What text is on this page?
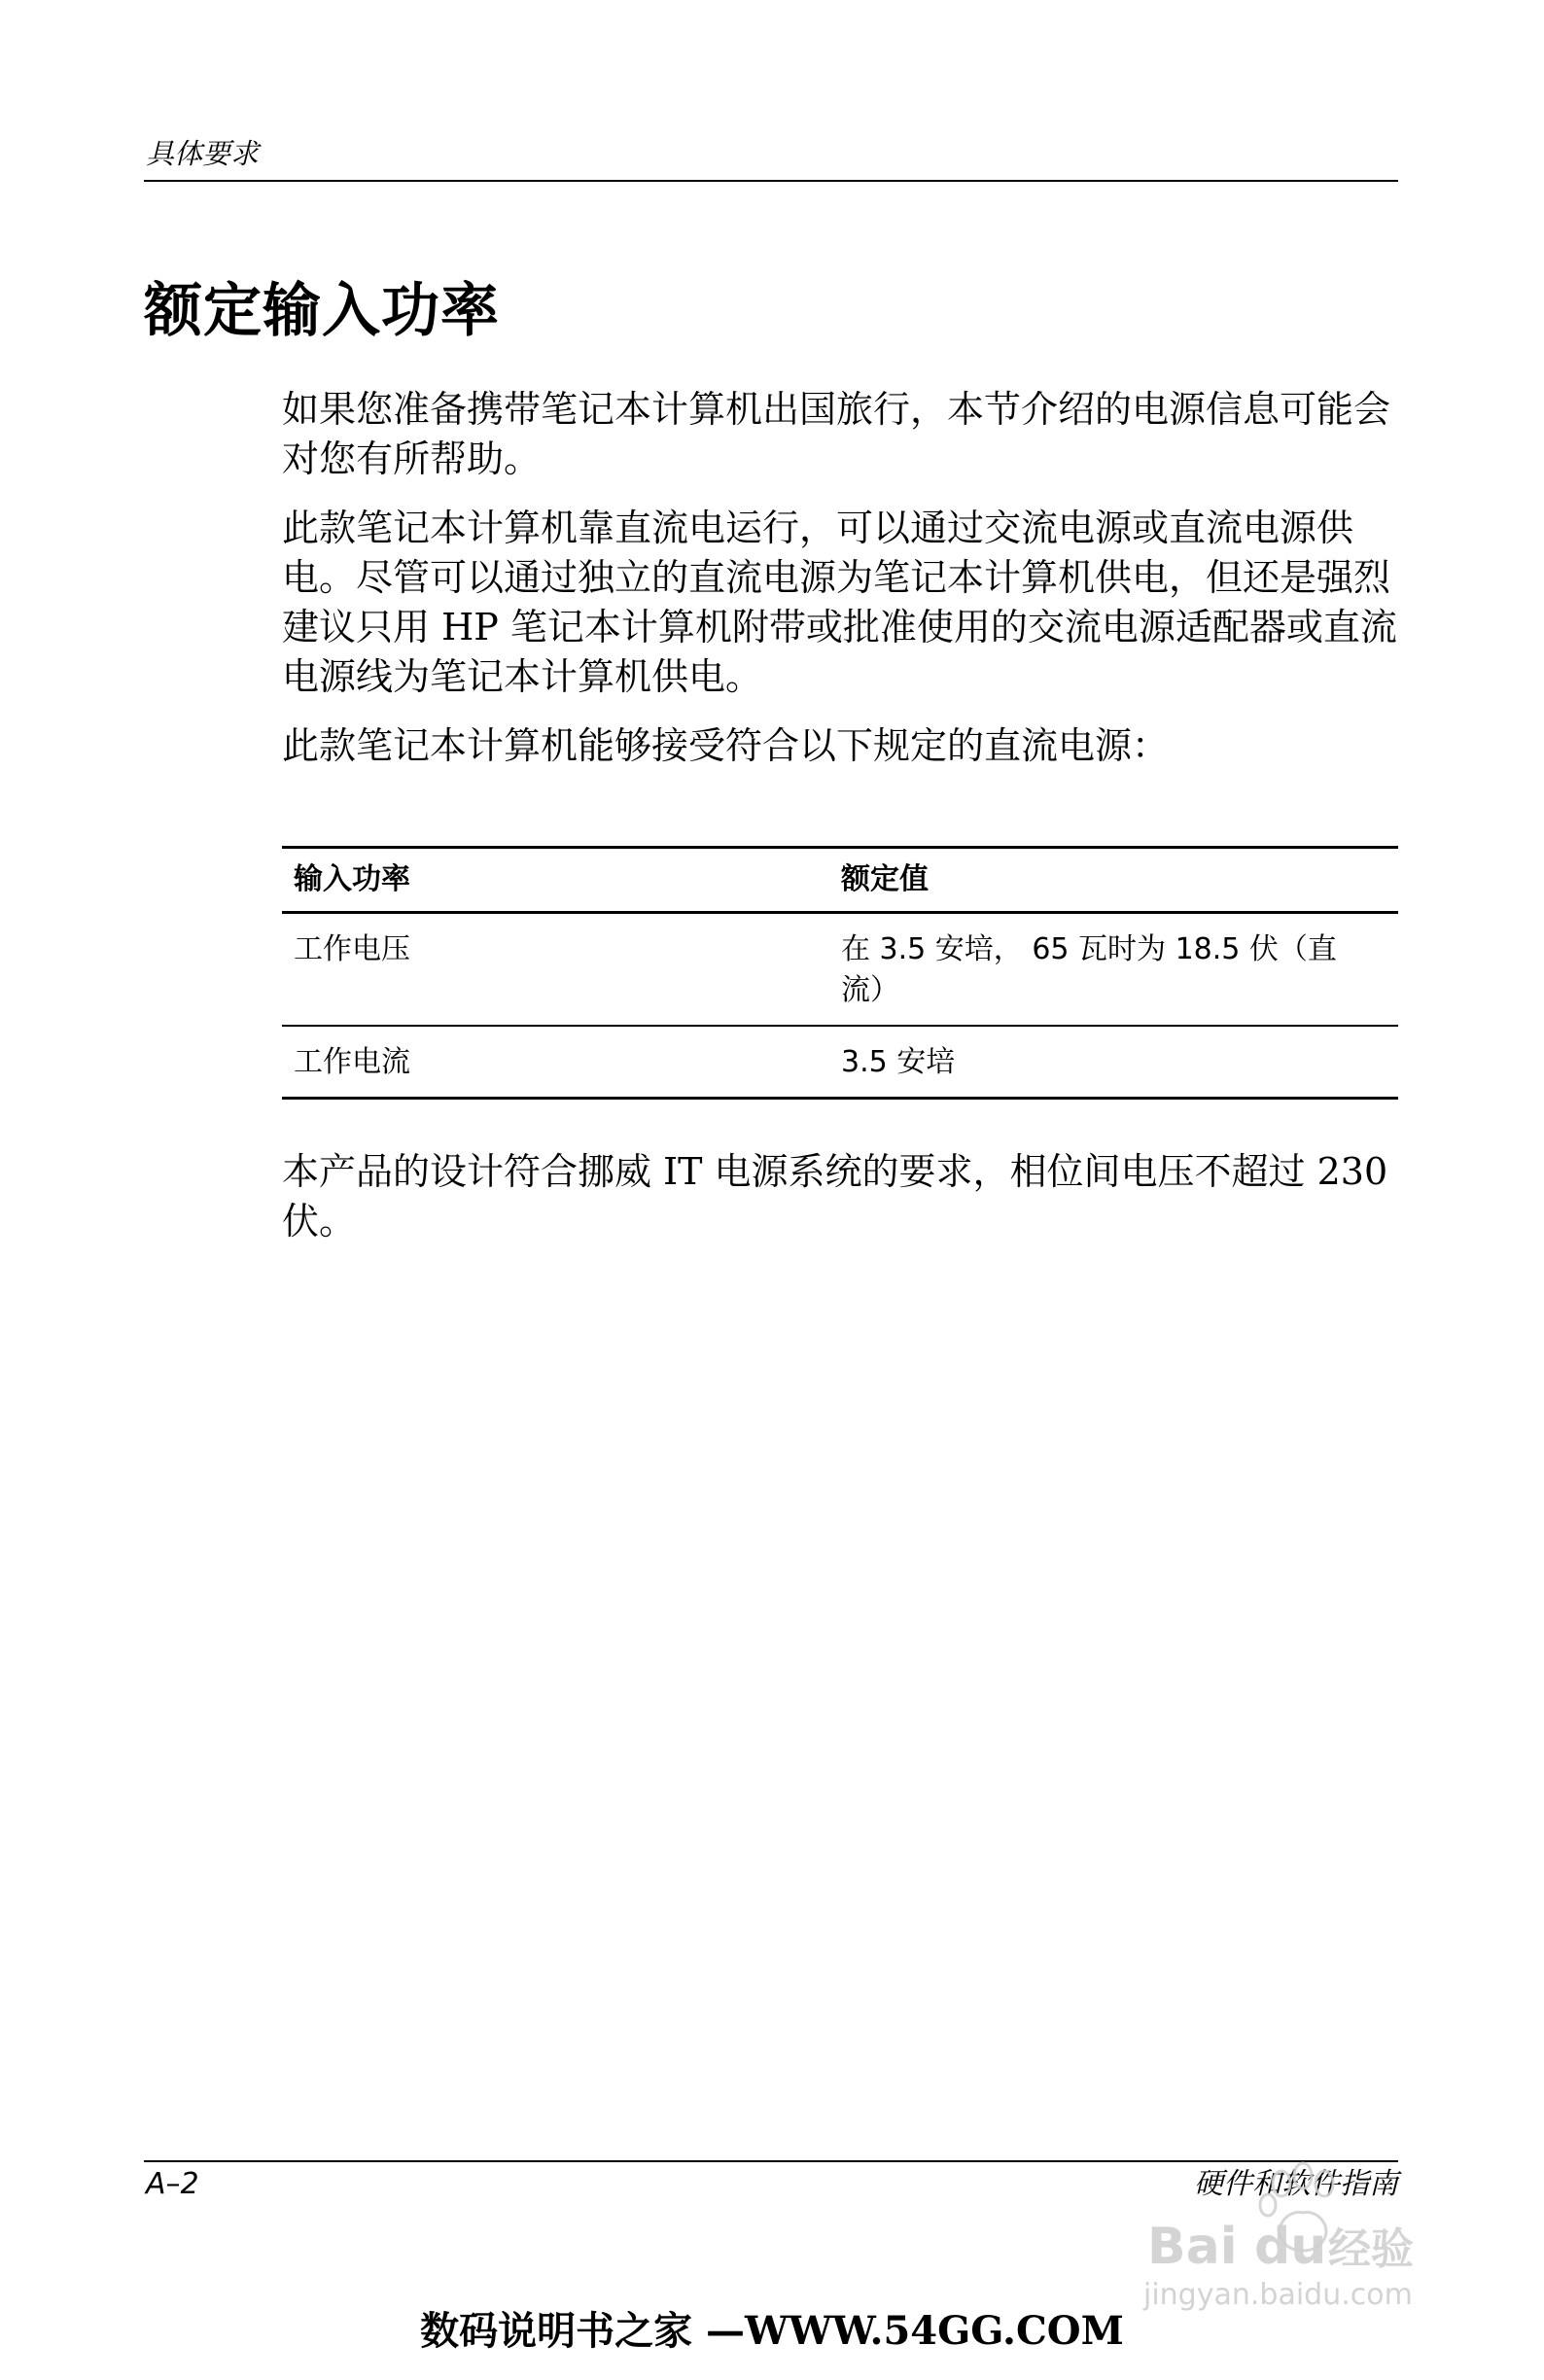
具体要求
额定输入功率

如果您准备携带笔记本计算机出国旅行，本节介绍的电源信息可能会对您有所帮助。

此款笔记本计算机靠直流电运行，可以通过交流电源或直流电源供电。尽管可以通过独立的直流电源为笔记本计算机供电，但还是强烈建议只用 HP 笔记本计算机附带或批准使用的交流电源适配器或直流电源线为笔记本计算机供电。

此款笔记本计算机能够接受符合以下规定的直流电源：

输入功率	额定值
工作电压	在 3.5 安培， 65 瓦时为 18.5 伏（直流）
工作电流	3.5 安培

本产品的设计符合挪威 IT 电源系统的要求，相位间电压不超过 230 伏。

A–2	硬件和软件指南
Bai du 经验
jingyan.baidu.com
数码说明书之家 —WWW.54GG.COM
